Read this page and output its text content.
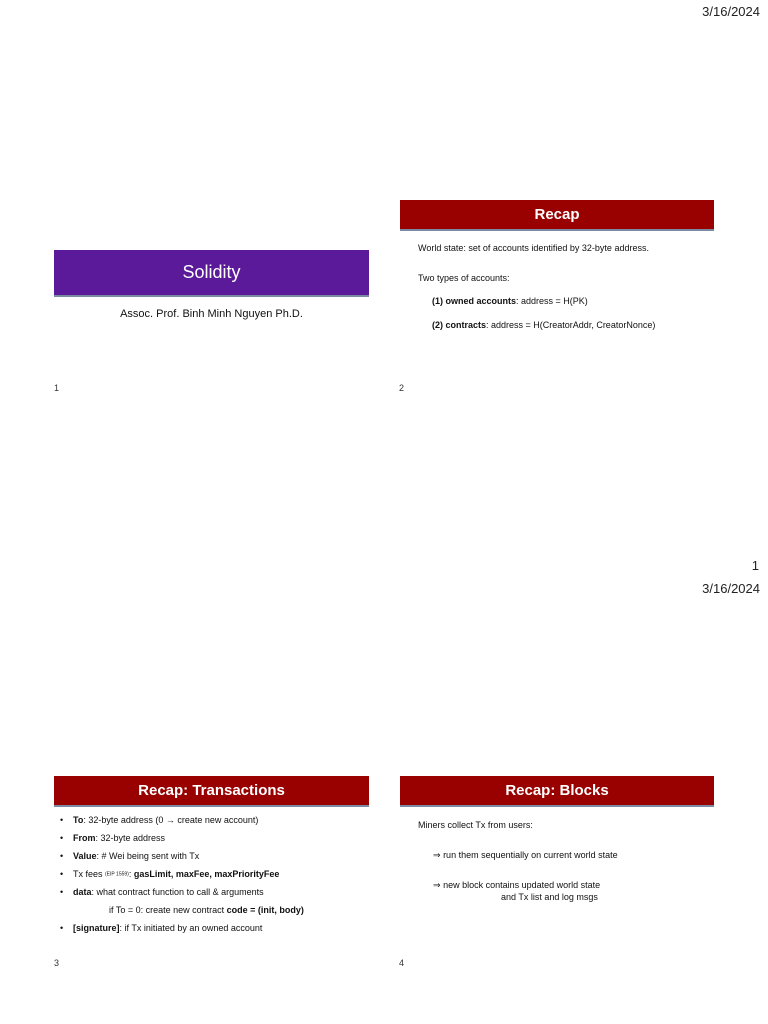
3/16/2024
Solidity
Assoc. Prof. Binh Minh Nguyen Ph.D.
1
Recap
World state: set of accounts identified by 32-byte address.
Two types of accounts:
(1) owned accounts: address = H(PK)
(2) contracts: address = H(CreatorAddr, CreatorNonce)
2
1
3/16/2024
Recap: Transactions
• To: 32-byte address (0 → create new account)
• From: 32-byte address
• Value: # Wei being sent with Tx
• Tx fees (EIP 1559): gasLimit, maxFee, maxPriorityFee
• data: what contract function to call & arguments
if To = 0: create new contract code = (init, body)
• [signature]: if Tx initiated by an owned account
3
Recap: Blocks
Miners collect Tx from users:
⇒ run them sequentially on current world state
⇒ new block contains updated world state
and Tx list and log msgs
4
